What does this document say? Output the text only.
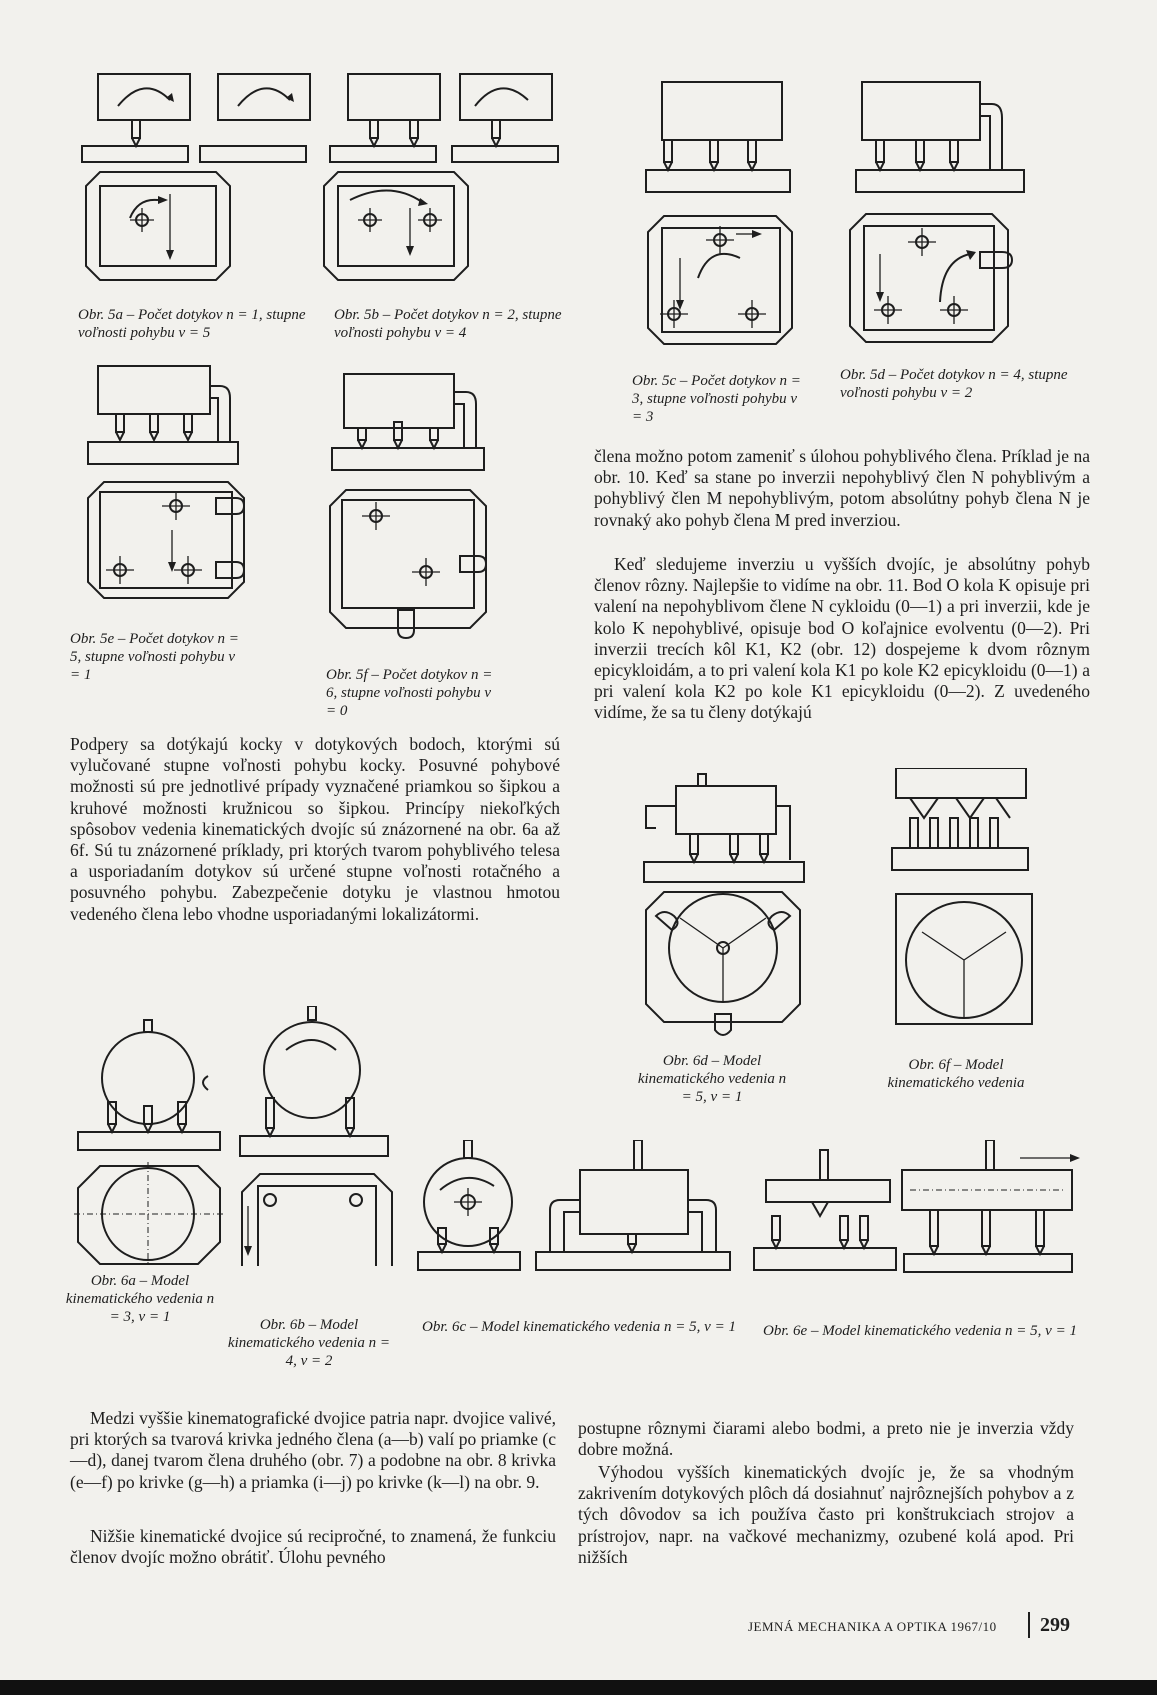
Obr. 5a – Počet dotykov n = 1, stupne voľnosti pohybu v = 5
Obr. 5b – Počet dotykov n = 2, stupne voľnosti pohybu v = 4
Obr. 5c – Počet dotykov n = 3, stupne voľnosti pohybu v = 3
Obr. 5d – Počet dotykov n = 4, stupne voľnosti pohybu v = 2
Obr. 5e – Počet dotykov n = 5, stupne voľnosti pohybu v = 1	Obr. 5f – Počet dotykov n = 6, stupne voľnosti pohybu v = 0

Podpery sa dotýkajú kocky v dotykových bodoch, ktorými sú vylučované stupne voľnosti pohybu kocky. Posuvné pohybové možnosti sú pre jednotlivé prípady vyznačené priamkou so šipkou a kruhové možnosti kružnicou so šipkou. Princípy niekoľkých spôsobov vedenia kinematických dvojíc sú znázornené na obr. 6a až 6f. Sú tu znázornené príklady, pri ktorých tvarom pohyblivého telesa a usporiadaním dotykov sú určené stupne voľnosti rotačného a posuvného pohybu. Zabezpečenie dotyku je vlastnou hmotou vedeného člena lebo vhodne usporiadanými lokalizátormi.

člena možno potom zameniť s úlohou pohyblivého člena. Príklad je na obr. 10. Keď sa stane po inverzii nepohyblivý člen N pohyblivým a pohyblivý člen M nepohyblivým, potom absolútny pohyb člena N je rovnaký ako pohyb člena M pred inverziou.

Keď sledujeme inverziu u vyšších dvojíc, je absolútny pohyb členov rôzny. Najlepšie to vidíme na obr. 11. Bod O kola K opisuje pri valení na nepohyblivom člene N cykloidu (0—1) a pri inverzii, kde je kolo K nepohyblivé, opisuje bod O koľajnice evolventu (0—2). Pri inverzii trecích kôl K1, K2 (obr. 12) dospejeme k dvom rôznym epicykloidám, a to pri valení kola K1 po kole K2 epicykloidu (0—1) a pri valení kola K2 po kole K1 epicykloidu (0—2). Z uvedeného vidíme, že sa tu členy dotýkajú

Obr. 6d – Model kinematického vedenia n = 5, v = 1
Obr. 6f – Model kinematického vedenia
Obr. 6a – Model kinematického vedenia n = 3, v = 1	Obr. 6b – Model kinematického vedenia n = 4, v = 2
Obr. 6c – Model kinematického vedenia n = 5, v = 1	Obr. 6e – Model kinematického vedenia n = 5, v = 1

Medzi vyššie kinematografické dvojice patria napr. dvojice valivé, pri ktorých sa tvarová krivka jedného člena (a—b) valí po priamke (c—d), danej tvarom člena druhého (obr. 7) a podobne na obr. 8 krivka (e—f) po krivke (g—h) a priamka (i—j) po krivke (k—l) na obr. 9.

Nižšie kinematické dvojice sú recipročné, to znamená, že funkciu členov dvojíc možno obrátiť. Úlohu pevného

postupne rôznymi čiarami alebo bodmi, a preto nie je inverzia vždy dobre možná.

Výhodou vyšších kinematických dvojíc je, že sa vhodným zakrivením dotykových plôch dá dosiahnuť najrôznejších pohybov a z tých dôvodov sa ich používa často pri konštrukciach strojov a prístrojov, napr. na vačkové mechanizmy, ozubené kolá apod. Pri nižších

JEMNÁ MECHANIKA A OPTIKA 1967/10 299
